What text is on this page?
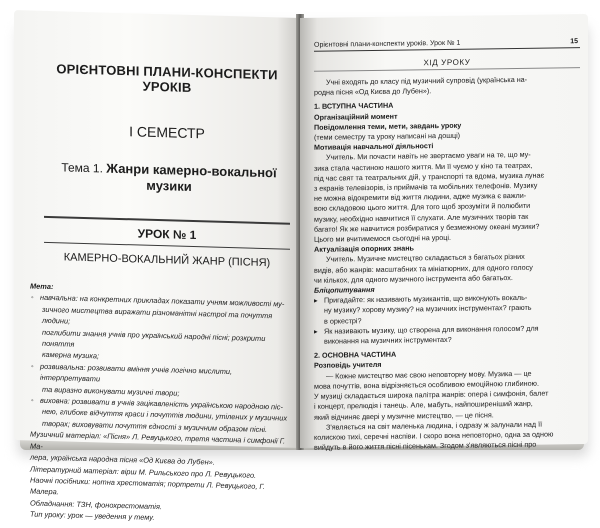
ОРІЄНТОВНІ ПЛАНИ-КОНСПЕКТИ УРОКІВ
I СЕМЕСТР
Тема 1. Жанри камерно-вокальної музики
УРОК № 1
КАМЕРНО-ВОКАЛЬНИЙ ЖАНР (ПІСНЯ)

Мета:

◦ навчальна: на конкретних прикладах показати учням можливості му-

зичного мистецтва виражати різноманітні настрої та почуття людини;

поглибити знання учнів про український народні пісні; розкрити поняття

камерна музика;

◦ розвивальна: розвивати вміння учнів логічно мислити, інтерпретувати

та виразно виконувати музичні твори;

◦ виховна: розвивати в учнів зацікавленість українською народною піс-

нею, глибоке відчуття краси і почуттів людини, утілених у музичних

творах; виховувати почуття єдності з музичним образом пісні.

Музичний матеріал: «Пісня» Л. Ревуцького, третя частина і симфонії Г. Ма-

лера, українська народна пісня «Од Києва до Лубен».

Літературний матеріал: вірш М. Рильського про Л. Ревуцького.

Наочні посібники: нотна хрестоматія; портрети Л. Ревуцького, Г. Малера.

Обладнання: ТЗН, фонохрестоматія.

Тип уроку: урок — уведення у тему.

Орієнтовні плани-конспекти уроків. Урок № 1	15
ХІД УРОКУ

Учні входять до класу під музичний супровід (українська на-

родна пісня «Од Києва до Лубен»).

1. ВСТУПНА ЧАСТИНА

Організаційний момент

Повідомлення теми, мети, завдань уроку

(теми семестру та уроку написані на дошці)

Мотивація навчальної діяльності

Учитель. Ми почасти навіть не звертаємо уваги на те, що му-

зика стала частиною нашого життя. Ми її чуємо у кіно та театрах,

під час свят та театральних дій, у транспорті та вдома, музика лунає

з екранів телевізорів, із приймачів та мобільних телефонів. Музику

не можна відокремити від життя людини, адже музика є важли-

вою складовою цього життя. Для того щоб зрозуміти й полюбити

музику, необхідно навчитися її слухати. Але музичних творів так

багато! Як же навчитися розбиратися у безмежному океані музики?

Цього ми вчитимемося сьогодні на уроці.

Актуалізація опорних знань

Учитель. Музичне мистецтво складається з багатьох різних

видів, або жанрів: масштабних та мініатюрних, для одного голосу

чи кількох, для одного музичного інструмента або багатьох.

Бліцопитування

▸ Пригадайте: як називають музикантів, що виконують вокаль-

ну музику? хорову музику? на музичних інструментах? грають

в оркестрі?

▸ Як називають музику, що створена для виконання голосом? для

виконання на музичних інструментах?

2. ОСНОВНА ЧАСТИНА

Розповідь учителя

— Кожне мистецтво має свою неповторну мову. Музика — це

мова почуттів, вона відрізняється особливою емоційною глибиною.

У музиці складається широка палітра жанрів: опера і симфонія, балет

і концерт, прелюдія і танець. Але, мабуть, найпоширеніший жанр,

який відчиняє двері у музичне мистецтво, — це пісня.

З'являється на світ маленька людина, і одразу ж залунали над її

колискою тихі, серечні наспіви. І скоро вона неповторно, одна за одною

вийдуть в його життя пісні пісенькам. Згодом з'являються пісні про
